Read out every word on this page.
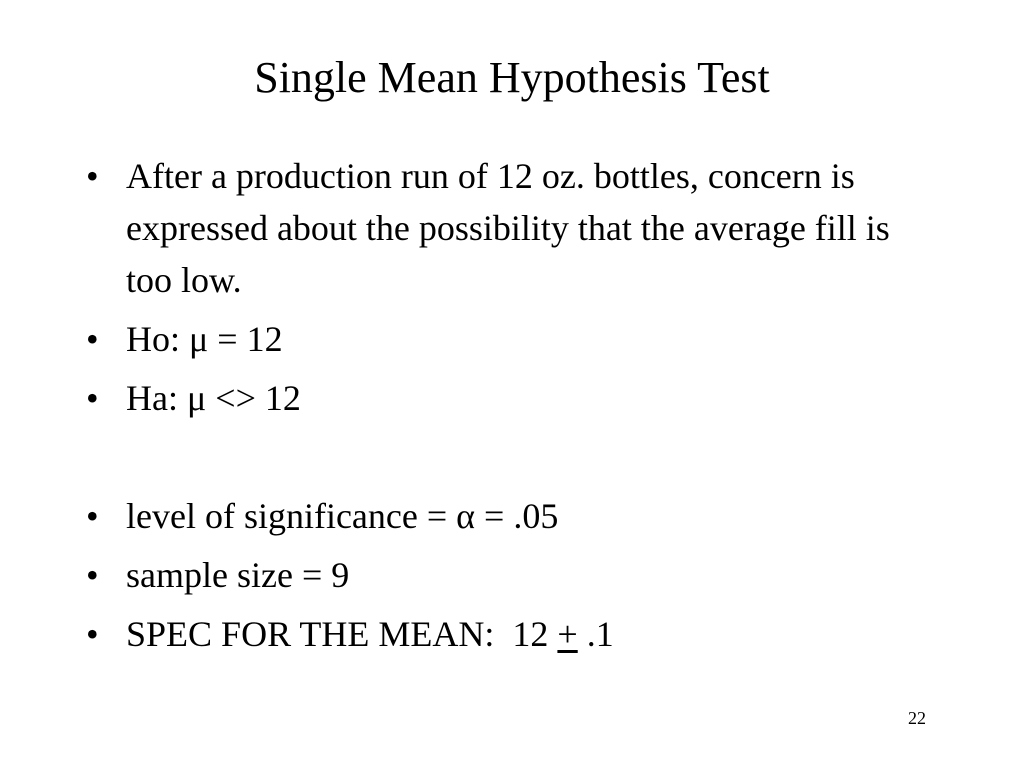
Single Mean Hypothesis Test
• After a production run of 12 oz. bottles, concern is expressed about the possibility that the average fill is too low.
• Ho: μ = 12
• Ha: μ <> 12
• level of significance = α = .05
• sample size = 9
• SPEC FOR THE MEAN:  12 + .1
22
